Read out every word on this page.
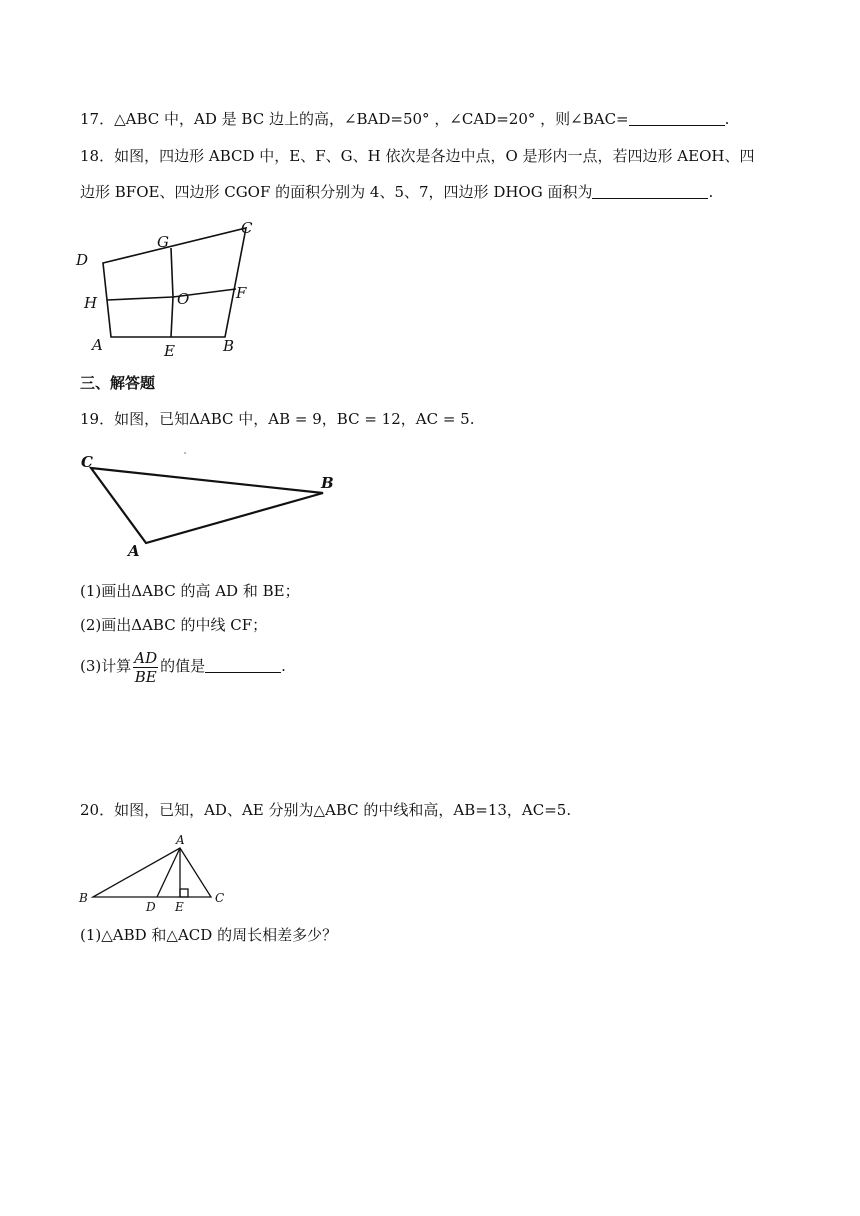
17．△ABC 中，AD 是 BC 边上的高，∠BAD=50° ，∠CAD=20° ，则∠BAC=	.
18．如图，四边形 ABCD 中，E、F、G、H 依次是各边中点，O 是形内一点，若四边形 AEOH、四
边形 BFOE、四边形 CGOF 的面积分别为 4、5、7，四边形 DHOG 面积为	.
D
G
C
H	O	F
A	E	B
三、解答题
19．如图，已知ΔABC 中，AB = 9，BC = 12，AC = 5.
C
B
A
(1)画出ΔABC 的高 AD 和 BE；
(2)画出ΔABC 的中线 CF；
(3)计算 $\frac{AD}{BE}$ 的值是	.
20．如图，已知，AD、AE 分别为△ABC 的中线和高，AB=13，AC=5.
A
B	C
D E
(1)△ABD 和△ACD 的周长相差多少？
